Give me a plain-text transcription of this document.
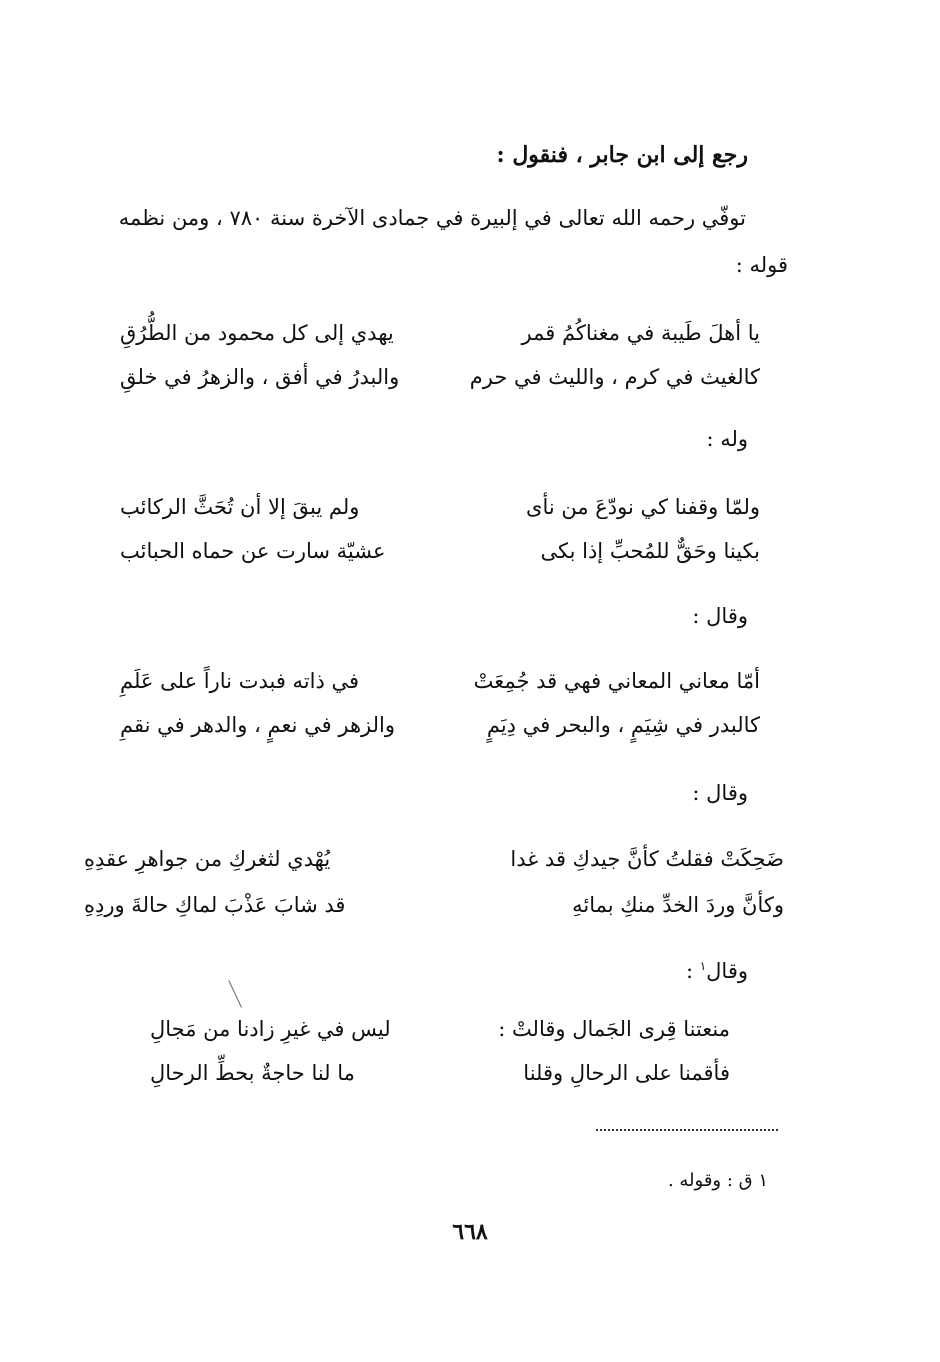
رجع إلى ابن جابر ، فنقول :
توفّي رحمه الله تعالى في إلبيرة في جمادى الآخرة سنة ٧٨٠ ، ومن نظمه
قوله :
يا أهلَ طَيبة في مغناكُمُ قمر
يهدي إلى كل محمود من الطُّرُقِ
كالغيث في كرم ، والليث في حرم
والبدرُ في أفق ، والزهرُ في خلقِ
وله :
ولمّا وقفنا كي نودّعَ من نأى
ولم يبقَ إلا أن تُحَثَّ الركائب
بكينا وحَقٌّ للمُحبِّ إذا بكى
عشيّة سارت عن حماه الحبائب
وقال :
أمّا معاني المعاني فهي قد جُمِعَتْ
في ذاته فبدت ناراً على عَلَمِ
كالبدر في شِيَمٍ ، والبحر في دِيَمٍ
والزهر في نعمٍ ، والدهر في نقمِ
وقال :
ضَحِكَتْ فقلتُ كأنَّ جيدكِ قد غدا
يُهْدي لثغركِ من جواهرِ عقدِهِ
وكأنَّ وردَ الخدِّ منكِ بمائهِ
قد شابَ عَذْبَ لماكِ حالةَ وردِهِ
وقال$^١$ :
منعتنا قِرى الجَمال وقالتْ :
ليس في غيرِ زادنا من مَجالِ
فأقمنا على الرحالِ وقلنا
ما لنا حاجةٌ بحطِّ الرحالِ
١ ق : وقوله .
٦٦٨
